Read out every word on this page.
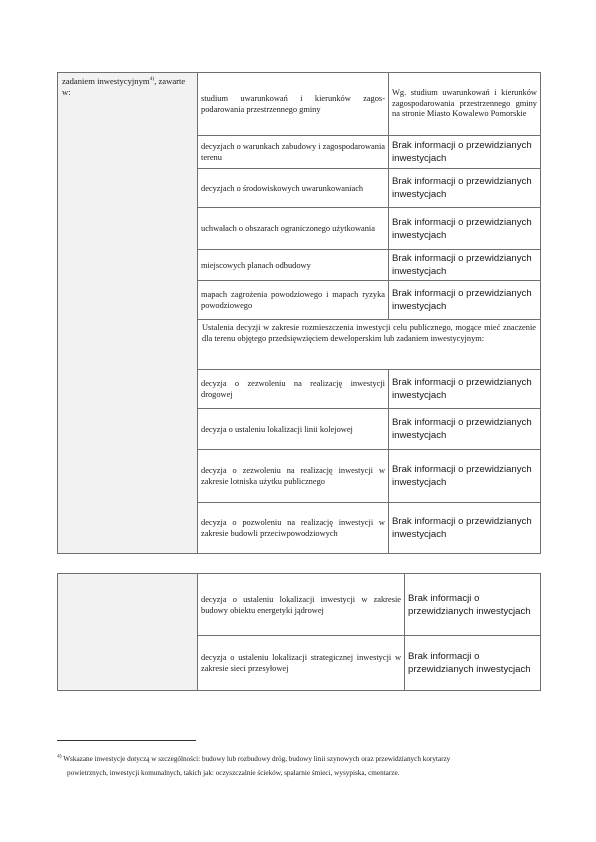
zadaniem inwestycyjnym$^{4)}$, zawarte w:	studium uwarunkowań i kierunków zagos-podarowania przestrzennego gminy	Wg. studium uwarunkowań i kierunków zagospodarowania przestrzennego gminy na stronie Miasto Kowalewo Pomorskie
	decyzjach o warunkach zabudowy i zagospodarowania terenu	Brak informacji o przewidzianych inwestycjach
	decyzjach o środowiskowych uwarunkowaniach	Brak informacji o przewidzianych inwestycjach
	uchwałach o obszarach ograniczonego użytkowania	Brak informacji o przewidzianych inwestycjach
	miejscowych planach odbudowy	Brak informacji o przewidzianych inwestycjach
	mapach zagrożenia powodziowego i mapach ryzyka powodziowego	Brak informacji o przewidzianych inwestycjach
	Ustalenia decyzji w zakresie rozmieszczenia inwestycji celu publicznego, mogące mieć znaczenie dla terenu objętego przedsięwzięciem deweloperskim lub zadaniem inwestycyjnym:	
	decyzja o zezwoleniu na realizację inwestycji drogowej	Brak informacji o przewidzianych inwestycjach
	decyzja o ustaleniu lokalizacji linii kolejowej	Brak informacji o przewidzianych inwestycjach
	decyzja o zezwoleniu na realizację inwestycji w zakresie lotniska użytku publicznego	Brak informacji o przewidzianych inwestycjach
	decyzja o pozwoleniu na realizację inwestycji w zakresie budowli przeciwpowodziowych	Brak informacji o przewidzianych inwestycjach
	decyzja o ustaleniu lokalizacji inwestycji w zakresie budowy obiektu energetyki jądrowej	Brak informacji o przewidzianych inwestycjach
	decyzja o ustaleniu lokalizacji strategicznej inwestycji w zakresie sieci przesyłowej	Brak informacji o przewidzianych inwestycjach
$^{4)}$ Wskazane inwestycje dotyczą w szczególności: budowy lub rozbudowy dróg, budowy linii szynowych oraz przewidzianych korytarzy
powietrznych, inwestycji komunalnych, takich jak: oczyszczalnie ścieków, spalarnie śmieci, wysypiska, cmentarze.
